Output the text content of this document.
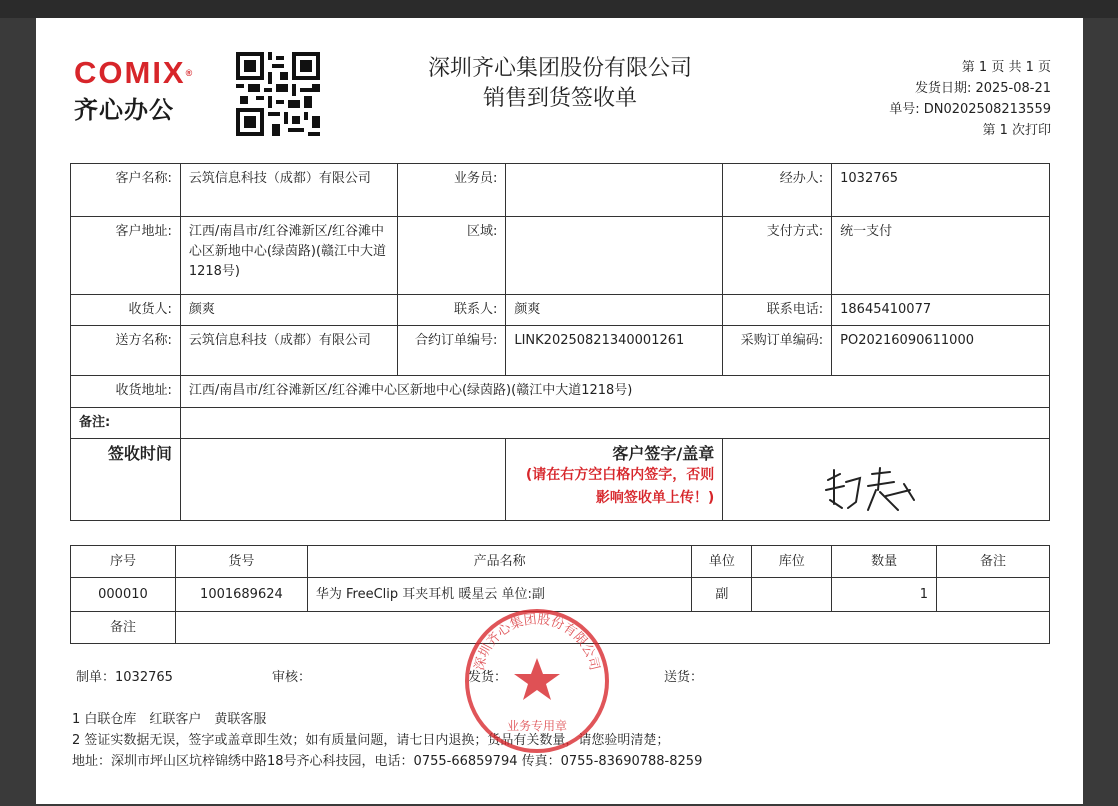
COMIX®
齐心办公
深圳齐心集团股份有限公司
销售到货签收单
第 1 页 共 1 页
发货日期: 2025-08-21
单号: DN0202508213559
第 1 次打印
客户名称:	云筑信息科技（成都）有限公司	业务员:		经办人:	1032765
客户地址:	江西/南昌市/红谷滩新区/红谷滩中心区新地中心(绿茵路)(赣江中大道1218号)	区域:		支付方式:	统一支付
收货人:	颜爽	联系人:	颜爽	联系电话:	18645410077
送方名称:	云筑信息科技（成都）有限公司	合约订单编号:	LINK20250821340001261	采购订单编码:	PO20216090611000
收货地址:	江西/南昌市/红谷滩新区/红谷滩中心区新地中心(绿茵路)(赣江中大道1218号)				
备注:					
签收时间			客户签字/盖章
(请在右方空白格内签字，否则影响签收单上传！)		

序号	货号	产品名称	单位	库位	数量	备注
000010	1001689624	华为 FreeClip 耳夹耳机 暖星云 单位:副	副		1	
备注						
制单：1032765	审核：	发货：	送货：
1 白联仓库　红联客户　黄联客服
2 签证实数据无误，签字或盖章即生效；如有质量问题，请七日内退换；货品有关数量，请您验明清楚；
地址：深圳市坪山区坑梓锦绣中路18号齐心科技园，电话：0755-66859794 传真：0755-83690788-8259
深圳齐心集团股份有限公司
业务专用章
